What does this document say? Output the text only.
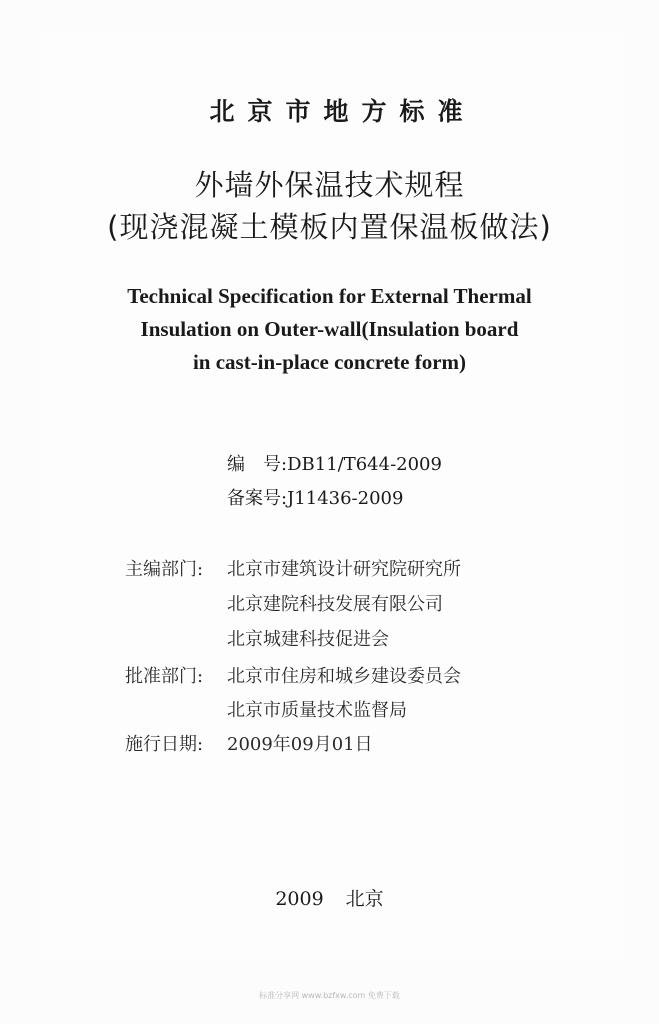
北京市地方标准
外墙外保温技术规程
(现浇混凝土模板内置保温板做法)
Technical Specification for External Thermal
Insulation on Outer-wall(Insulation board
in cast-in-place concrete form)
编　号:DB11/T644-2009
备案号:J11436-2009
主编部门: 北京市建筑设计研究院研究所
北京建院科技发展有限公司
北京城建科技促进会
批准部门: 北京市住房和城乡建设委员会
北京市质量技术监督局
施行日期: 2009年09月01日
2009 北京
标准分享网 www.bzfxw.com 免费下载
